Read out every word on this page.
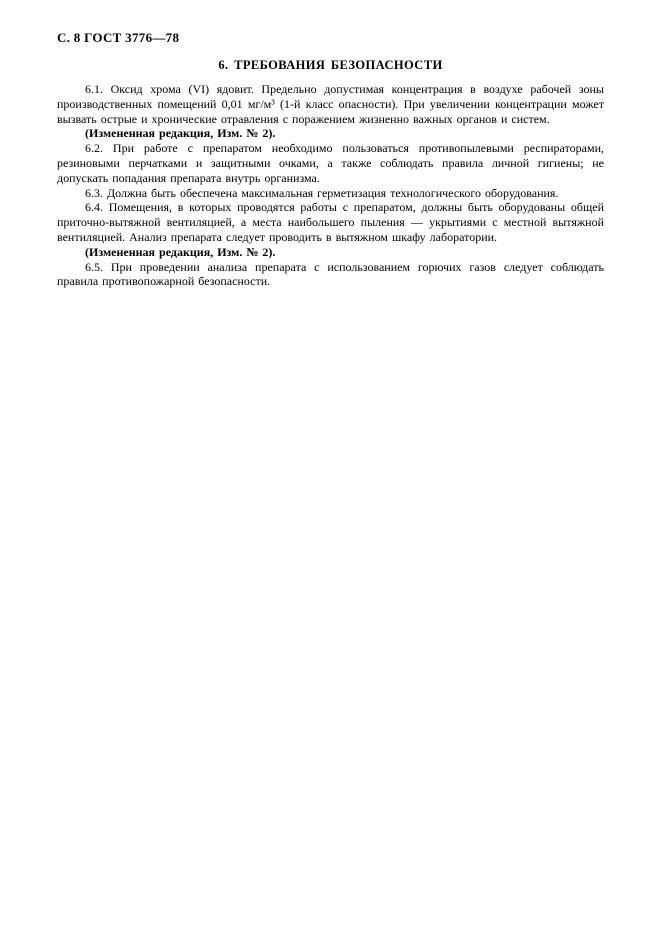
С. 8 ГОСТ 3776—78
6. ТРЕБОВАНИЯ БЕЗОПАСНОСТИ

6.1. Оксид хрома (VI) ядовит. Предельно допустимая концентрация в воздухе рабочей зоны производственных помещений 0,01 мг/м³ (1-й класс опасности). При увеличении концентрации может вызвать острые и хронические отравления с поражением жизненно важных органов и систем.

(Измененная редакция, Изм. № 2).

6.2. При работе с препаратом необходимо пользоваться противопылевыми респираторами, резиновыми перчатками и защитными очками, а также соблюдать правила личной гигиены; не допускать попадания препарата внутрь организма.

6.3. Должна быть обеспечена максимальная герметизация технологического оборудования.

6.4. Помещения, в которых проводятся работы с препаратом, должны быть оборудованы общей приточно-вытяжной вентиляцией, а места наибольшего пыления — укрытиями с местной вытяжной вентиляцией. Анализ препарата следует проводить в вытяжном шкафу лаборатории.

(Измененная редакция, Изм. № 2).

6.5. При проведении анализа препарата с использованием горючих газов следует соблюдать правила противопожарной безопасности.
